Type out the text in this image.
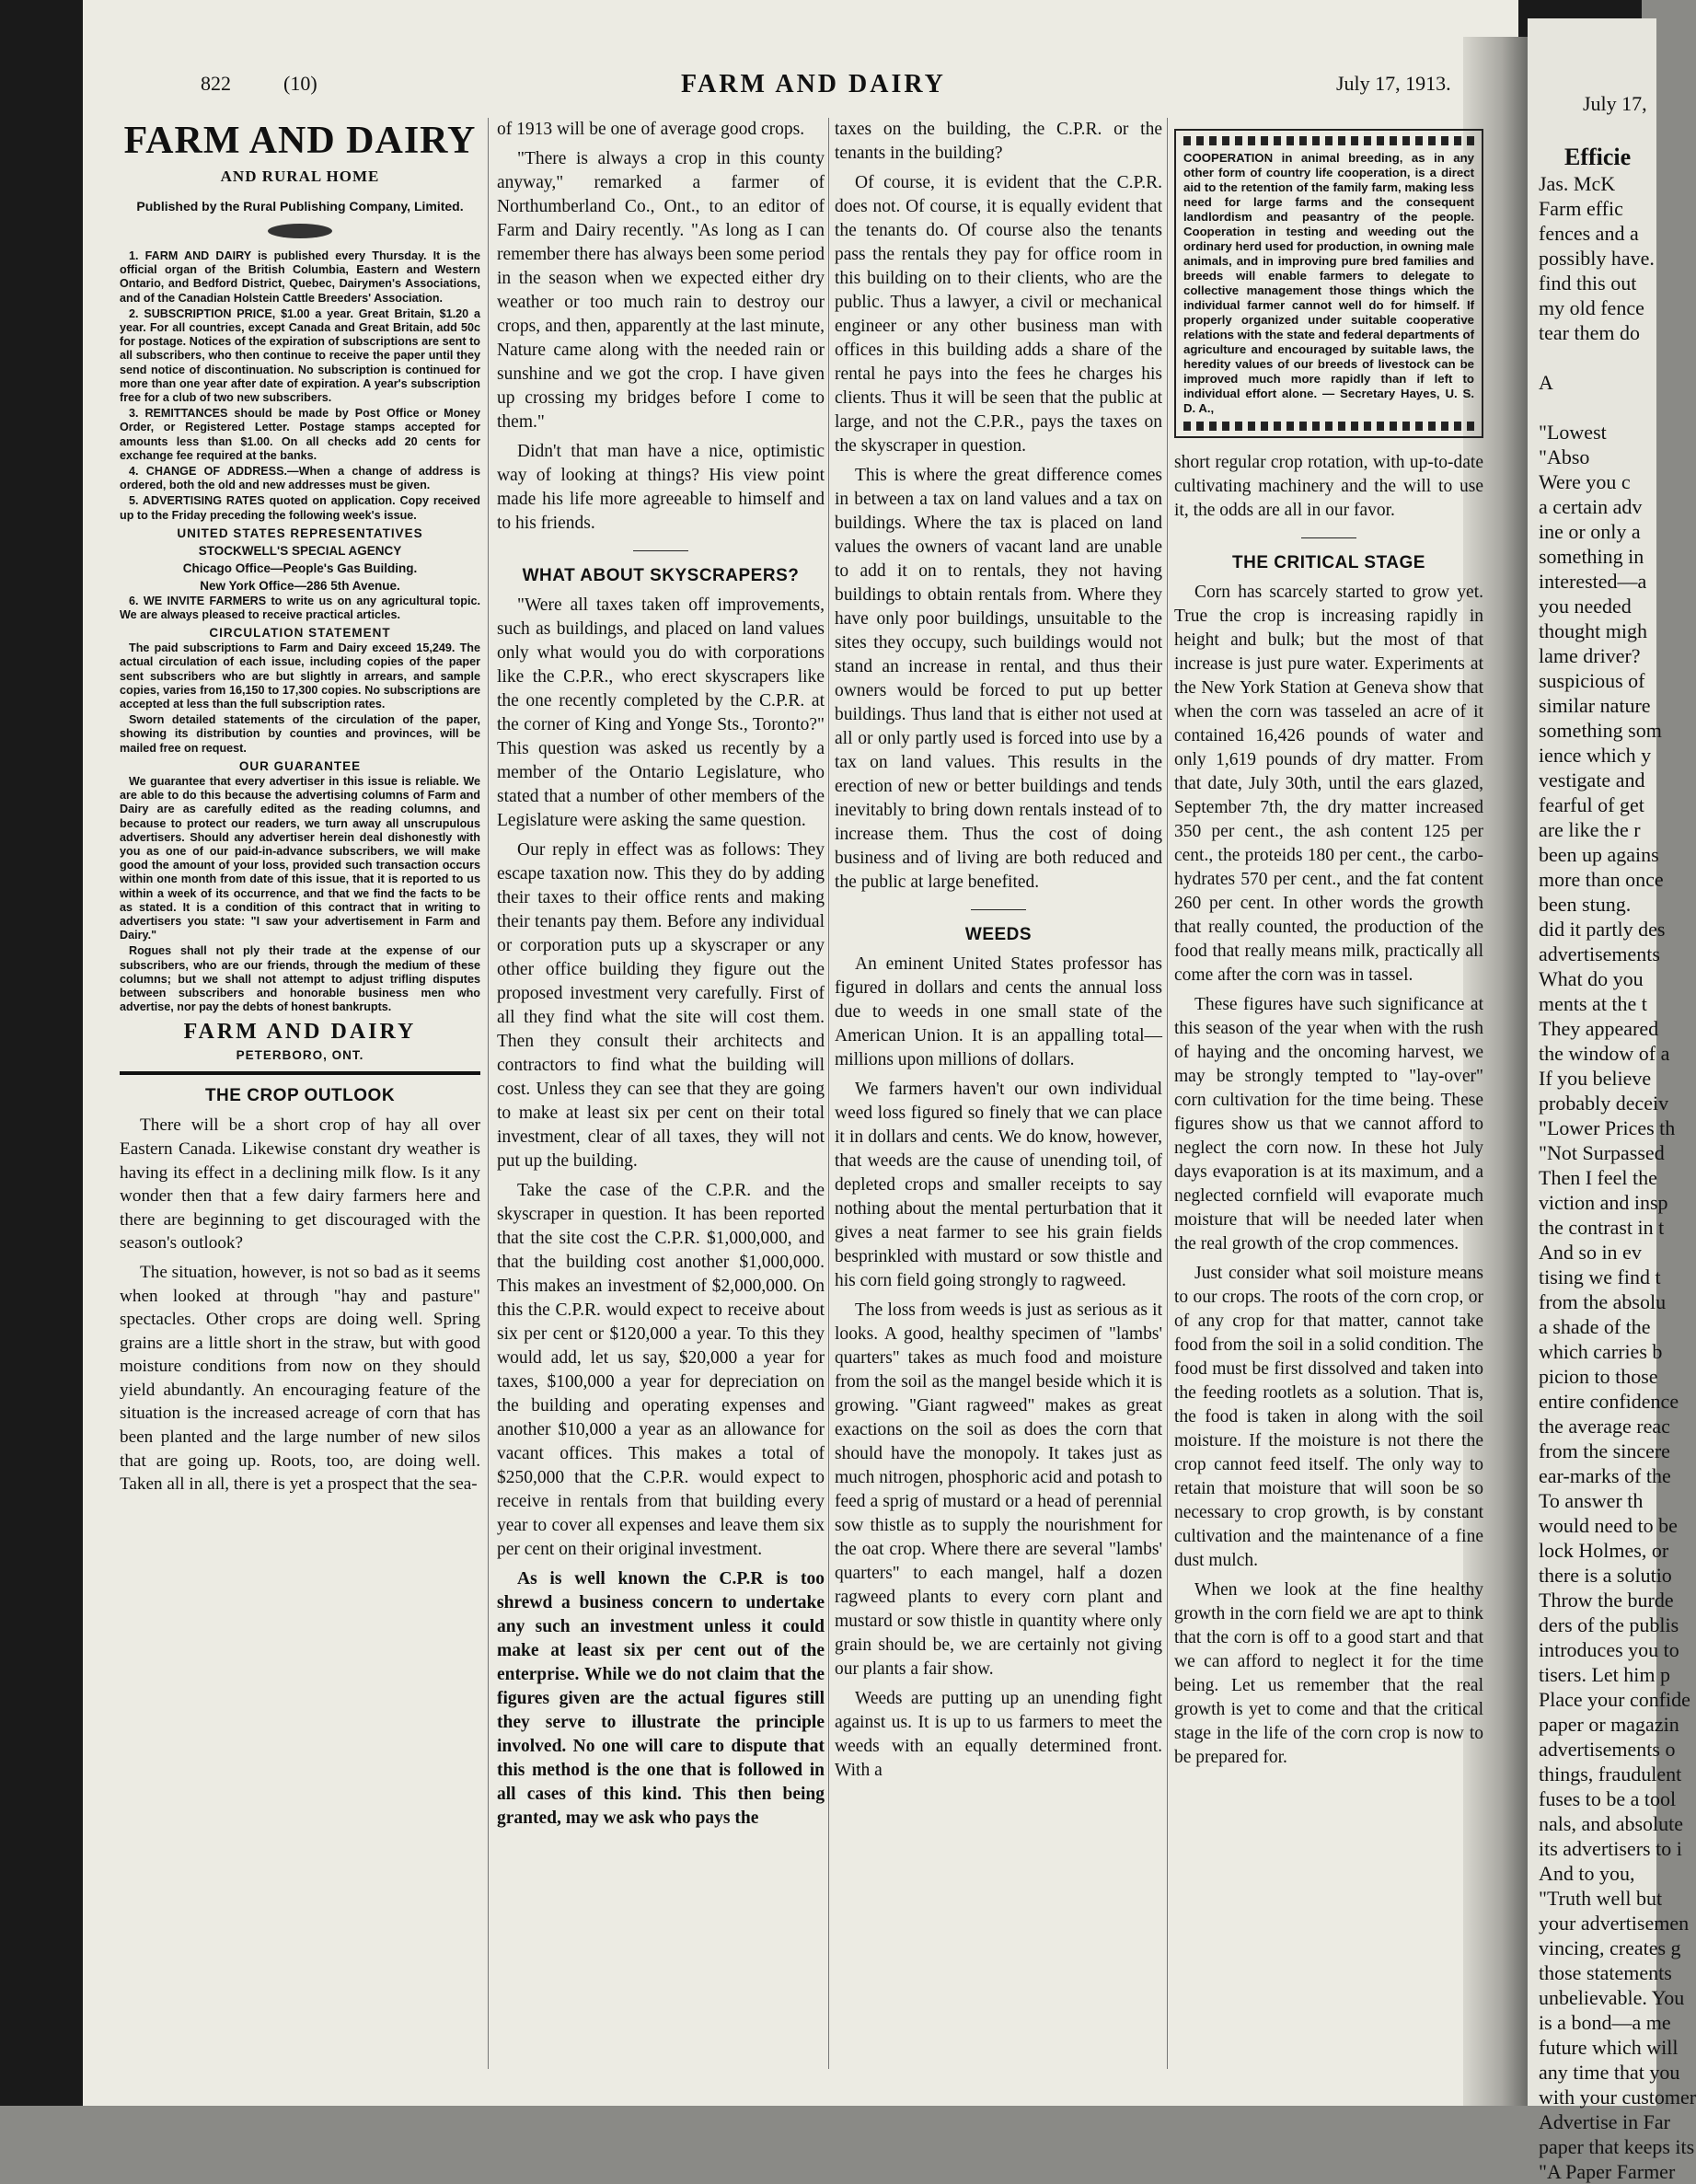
822	(10)	FARM AND DAIRY	July 17, 1913.
FARM AND DAIRY
AND RURAL HOME
Published by the Rural Publishing Company, Limited.

1. FARM AND DAIRY is published every Thursday. It is the official organ of the British Columbia, Eastern and Western Ontario, and Bedford District, Quebec, Dairymen's Associations, and of the Canadian Holstein Cattle Breeders' Association.

2. SUBSCRIPTION PRICE, $1.00 a year. Great Britain, $1.20 a year. For all countries, except Canada and Great Britain, add 50c for postage. Notices of the expiration of subscriptions are sent to all subscribers, who then continue to receive the paper until they send notice of discontinuation. No subscription is continued for more than one year after date of expiration. A year's subscription free for a club of two new subscribers.

3. REMITTANCES should be made by Post Office or Money Order, or Registered Letter. Postage stamps accepted for amounts less than $1.00. On all checks add 20 cents for exchange fee required at the banks.

4. CHANGE OF ADDRESS.—When a change of address is ordered, both the old and new addresses must be given.

5. ADVERTISING RATES quoted on application. Copy received up to the Friday preceding the following week's issue.

UNITED STATES REPRESENTATIVES
STOCKWELL'S SPECIAL AGENCY
Chicago Office—People's Gas Building.
New York Office—286 5th Avenue.

6. WE INVITE FARMERS to write us on any agricultural topic. We are always pleased to receive practical articles.

CIRCULATION STATEMENT

The paid subscriptions to Farm and Dairy exceed 15,249. The actual circulation of each issue, including copies of the paper sent subscribers who are but slightly in arrears, and sample copies, varies from 16,150 to 17,300 copies. No subscriptions are accepted at less than the full subscription rates.

Sworn detailed statements of the circulation of the paper, showing its distribution by counties and provinces, will be mailed free on request.

OUR GUARANTEE

We guarantee that every advertiser in this issue is reliable. We are able to do this because the advertising columns of Farm and Dairy are as carefully edited as the reading columns, and because to protect our readers, we turn away all unscrupulous advertisers. Should any advertiser herein deal dishonestly with you as one of our paid-in-advance subscribers, we will make good the amount of your loss, provided such transaction occurs within one month from date of this issue, that it is reported to us within a week of its occurrence, and that we find the facts to be as stated. It is a condition of this contract that in writing to advertisers you state: "I saw your advertisement in Farm and Dairy."

Rogues shall not ply their trade at the expense of our subscribers, who are our friends, through the medium of these columns; but we shall not attempt to adjust trifling disputes between subscribers and honorable business men who advertise, nor pay the debts of honest bankrupts.

FARM AND DAIRY
PETERBORO, ONT.
THE CROP OUTLOOK

There will be a short crop of hay all over Eastern Canada. Likewise constant dry weather is having its effect in a declining milk flow. Is it any wonder then that a few dairy farmers here and there are beginning to get discouraged with the season's outlook?

The situation, however, is not so bad as it seems when looked at through "hay and pasture" spectacles. Other crops are doing well. Spring grains are a little short in the straw, but with good moisture conditions from now on they should yield abundantly. An encouraging feature of the situation is the increased acreage of corn that has been planted and the large number of new silos that are going up. Roots, too, are doing well. Taken all in all, there is yet a prospect that the sea-

of 1913 will be one of average good crops.

"There is always a crop in this county anyway," remarked a farmer of Northumberland Co., Ont., to an editor of Farm and Dairy recently. "As long as I can remember there has always been some period in the season when we expected either dry weather or too much rain to destroy our crops, and then, apparently at the last minute, Nature came along with the needed rain or sunshine and we got the crop. I have given up crossing my bridges before I come to them."

Didn't that man have a nice, optimistic way of looking at things? His view point made his life more agreeable to himself and to his friends.

WHAT ABOUT SKYSCRAPERS?

"Were all taxes taken off improvements, such as buildings, and placed on land values only what would you do with corporations like the C.P.R., who erect skyscrapers like the one recently completed by the C.P.R. at the corner of King and Yonge Sts., Toronto?" This question was asked us recently by a member of the Ontario Legislature, who stated that a number of other members of the Legislature were asking the same question.

Our reply in effect was as follows: They escape taxation now. This they do by adding their taxes to their office rents and making their tenants pay them. Before any individual or corporation puts up a skyscraper or any other office building they figure out the proposed investment very carefully. First of all they find what the site will cost them. Then they consult their architects and contractors to find what the building will cost. Unless they can see that they are going to make at least six per cent on their total investment, clear of all taxes, they will not put up the building.

Take the case of the C.P.R. and the skyscraper in question. It has been reported that the site cost the C.P.R. $1,000,000, and that the building cost another $1,000,000. This makes an investment of $2,000,000. On this the C.P.R. would expect to receive about six per cent or $120,000 a year. To this they would add, let us say, $20,000 a year for taxes, $100,000 a year for depreciation on the building and operating expenses and another $10,000 a year as an allowance for vacant offices. This makes a total of $250,000 that the C.P.R. would expect to receive in rentals from that building every year to cover all expenses and leave them six per cent on their original investment.

As is well known the C.P.R is too shrewd a business concern to undertake any such an investment unless it could make at least six per cent out of the enterprise. While we do not claim that the figures given are the actual figures still they serve to illustrate the principle involved. No one will care to dispute that this method is the one that is followed in all cases of this kind. This then being granted, may we ask who pays the

taxes on the building, the C.P.R. or the tenants in the building?

Of course, it is evident that the C.P.R. does not. Of course, it is equally evident that the tenants do. Of course also the tenants pass the rentals they pay for office room in this building on to their clients, who are the public. Thus a lawyer, a civil or mechanical engineer or any other business man with offices in this building adds a share of the rental he pays into the fees he charges his clients. Thus it will be seen that the public at large, and not the C.P.R., pays the taxes on the skyscraper in question.

This is where the great difference comes in between a tax on land values and a tax on buildings. Where the tax is placed on land values the owners of vacant land are unable to add it on to rentals, they not having buildings to obtain rentals from. Where they have only poor buildings, unsuitable to the sites they occupy, such buildings would not stand an increase in rental, and thus their owners would be forced to put up better buildings. Thus land that is either not used at all or only partly used is forced into use by a tax on land values. This results in the erection of new or better buildings and tends inevitably to bring down rentals instead of to increase them. Thus the cost of doing business and of living are both reduced and the public at large benefited.

WEEDS

An eminent United States professor has figured in dollars and cents the annual loss due to weeds in one small state of the American Union. It is an appalling total—millions upon millions of dollars.

We farmers haven't our own individual weed loss figured so finely that we can place it in dollars and cents. We do know, however, that weeds are the cause of unending toil, of depleted crops and smaller receipts to say nothing about the mental perturbation that it gives a neat farmer to see his grain fields besprinkled with mustard or sow thistle and his corn field going strongly to ragweed.

The loss from weeds is just as serious as it looks. A good, healthy specimen of "lambs' quarters" takes as much food and moisture from the soil as the mangel beside which it is growing. "Giant ragweed" makes as great exactions on the soil as does the corn that should have the monopoly. It takes just as much nitrogen, phosphoric acid and potash to feed a sprig of mustard or a head of perennial sow thistle as to supply the nourishment for the oat crop. Where there are several "lambs' quarters" to each mangel, half a dozen ragweed plants to every corn plant and mustard or sow thistle in quantity where only grain should be, we are certainly not giving our plants a fair show.

Weeds are putting up an unending fight against us. It is up to us farmers to meet the weeds with an equally determined front. With a

COOPERATION in animal breeding, as in any other form of country life cooperation, is a direct aid to the retention of the family farm, making less need for large farms and the consequent landlordism and peasantry of the people. Cooperation in testing and weeding out the ordinary herd used for production, in owning male animals, and in improving pure bred families and breeds will enable farmers to delegate to collective management those things which the individual farmer cannot well do for himself. If properly organized under suitable cooperative relations with the state and federal departments of agriculture and encouraged by suitable laws, the heredity values of our breeds of livestock can be improved much more rapidly than if left to individual effort alone. — Secretary Hayes, U. S. D. A.,

short regular crop rotation, with up-to-date cultivating machinery and the will to use it, the odds are all in our favor.

THE CRITICAL STAGE

Corn has scarcely started to grow yet. True the crop is increasing rapidly in height and bulk; but the most of that increase is just pure water. Experiments at the New York Station at Geneva show that when the corn was tasseled an acre of it contained 16,426 pounds of water and only 1,619 pounds of dry matter. From that date, July 30th, until the ears glazed, September 7th, the dry matter increased 350 per cent., the ash content 125 per cent., the proteids 180 per cent., the carbo-hydrates 570 per cent., and the fat content 260 per cent. In other words the growth that really counted, the production of the food that really means milk, practically all come after the corn was in tassel.

These figures have such significance at this season of the year when with the rush of haying and the oncoming harvest, we may be strongly tempted to "lay-over" corn cultivation for the time being. These figures show us that we cannot afford to neglect the corn now. In these hot July days evaporation is at its maximum, and a neglected cornfield will evaporate much moisture that will be needed later when the real growth of the crop commences.

Just consider what soil moisture means to our crops. The roots of the corn crop, or of any crop for that matter, cannot take food from the soil in a solid condition. The food must be first dissolved and taken into the feeding rootlets as a solution. That is, the food is taken in along with the soil moisture. If the moisture is not there the crop cannot feed itself. The only way to retain that moisture that will soon be so necessary to crop growth, is by constant cultivation and the maintenance of a fine dust mulch.

When we look at the fine healthy growth in the corn field we are apt to think that the corn is off to a good start and that we can afford to neglect it for the time being. Let us remember that the real growth is yet to come and that the critical stage in the life of the corn crop is now to be prepared for.

July 17,
Efficie
Jas. McK
Farm effic
fences and a
possibly have.
find this out
my old fence
tear them do

A

"Lowest
"Abso
Were you c
a certain adv
ine or only a
something in
interested—a
you needed
thought migh
lame driver?
suspicious of
similar nature
something som
ience which y
vestigate and
fearful of get
are like the r
been up agains
more than once
been stung.
did it partly des
advertisements
What do you
ments at the t
They appeared
the window of a
If you believe
probably deceiv
"Lower Prices th
"Not Surpassed
Then I feel the
viction and insp
the contrast in t
And so in ev
tising we find t
from the absolu
a shade of the
which carries b
picion to those
entire confidence
the average reac
from the sincere
ear-marks of the
To answer th
would need to be
lock Holmes, or
there is a solutio
Throw the burde
ders of the publis
introduces you to
tisers. Let him p
Place your confide
paper or magazin
advertisements o
things, fraudulent
fuses to be a tool
nals, and absolute
its advertisers to i
And to you,
"Truth well but
your advertisemen
vincing, creates g
those statements
unbelievable. You
is a bond—a me
future which will
any time that you
with your customer
Advertise in Far
paper that keeps its
"A Paper Farmer
